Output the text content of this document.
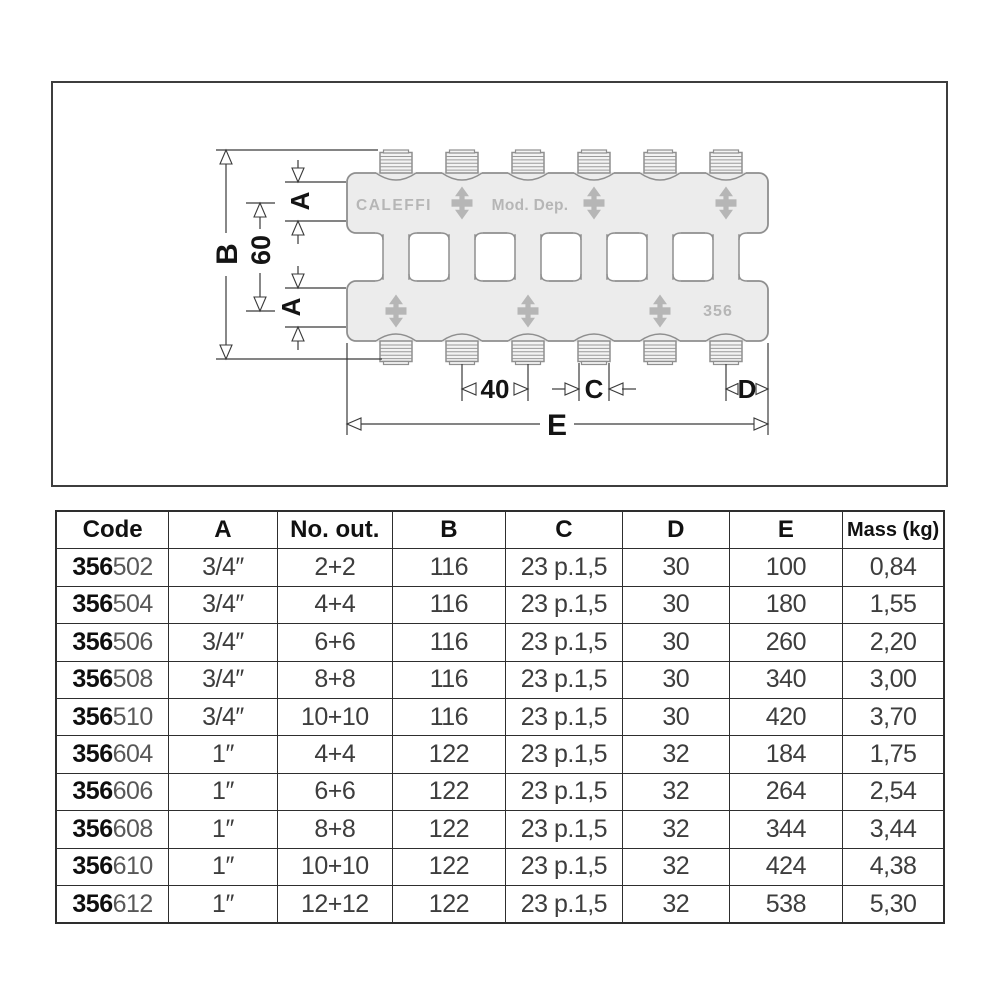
B 60
A
A
40	C	D
E
CALEFFI	Mod. Dep.
356
Code	A	No. out.	B	C	D	E	Mass (kg)
356502	3/4″	2+2	116	23 p.1,5	30	100	0,84
356504	3/4″	4+4	116	23 p.1,5	30	180	1,55
356506	3/4″	6+6	116	23 p.1,5	30	260	2,20
356508	3/4″	8+8	116	23 p.1,5	30	340	3,00
356510	3/4″	10+10	116	23 p.1,5	30	420	3,70
356604	1″	4+4	122	23 p.1,5	32	184	1,75
356606	1″	6+6	122	23 p.1,5	32	264	2,54
356608	1″	8+8	122	23 p.1,5	32	344	3,44
356610	1″	10+10	122	23 p.1,5	32	424	4,38
356612	1″	12+12	122	23 p.1,5	32	538	5,30
